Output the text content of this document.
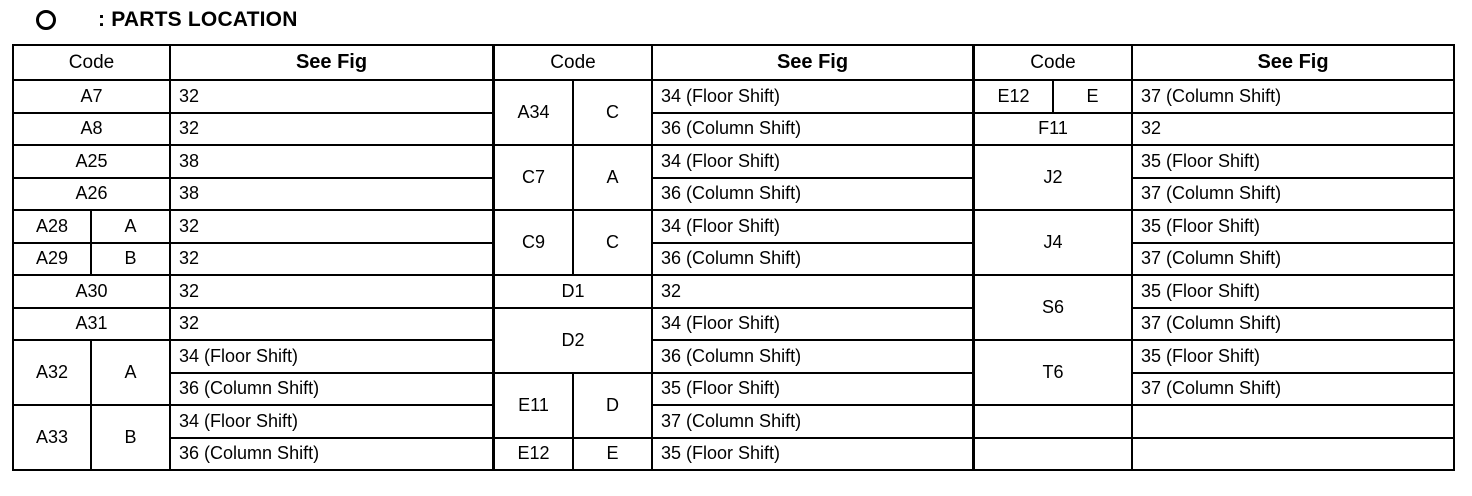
: PARTS LOCATION
Code		See Fig
A7		32
A8		32
A25		38
A26		38
A28	A	32
A29	B	32
A30		32
A31		32
A32	A	34 (Floor Shift)
		36 (Column Shift)
A33	B	34 (Floor Shift)
		36 (Column Shift)
Code		See Fig
A34	C	34 (Floor Shift)
		36 (Column Shift)
C7	A	34 (Floor Shift)
		36 (Column Shift)
C9	C	34 (Floor Shift)
		36 (Column Shift)
D1		32
D2		34 (Floor Shift)
		36 (Column Shift)
E11	D	35 (Floor Shift)
		37 (Column Shift)
E12	E	35 (Floor Shift)
Code		See Fig
E12	E	37 (Column Shift)
F11		32
J2		35 (Floor Shift)
		37 (Column Shift)
J4		35 (Floor Shift)
		37 (Column Shift)
S6		35 (Floor Shift)
		37 (Column Shift)
T6		35 (Floor Shift)
		37 (Column Shift)
